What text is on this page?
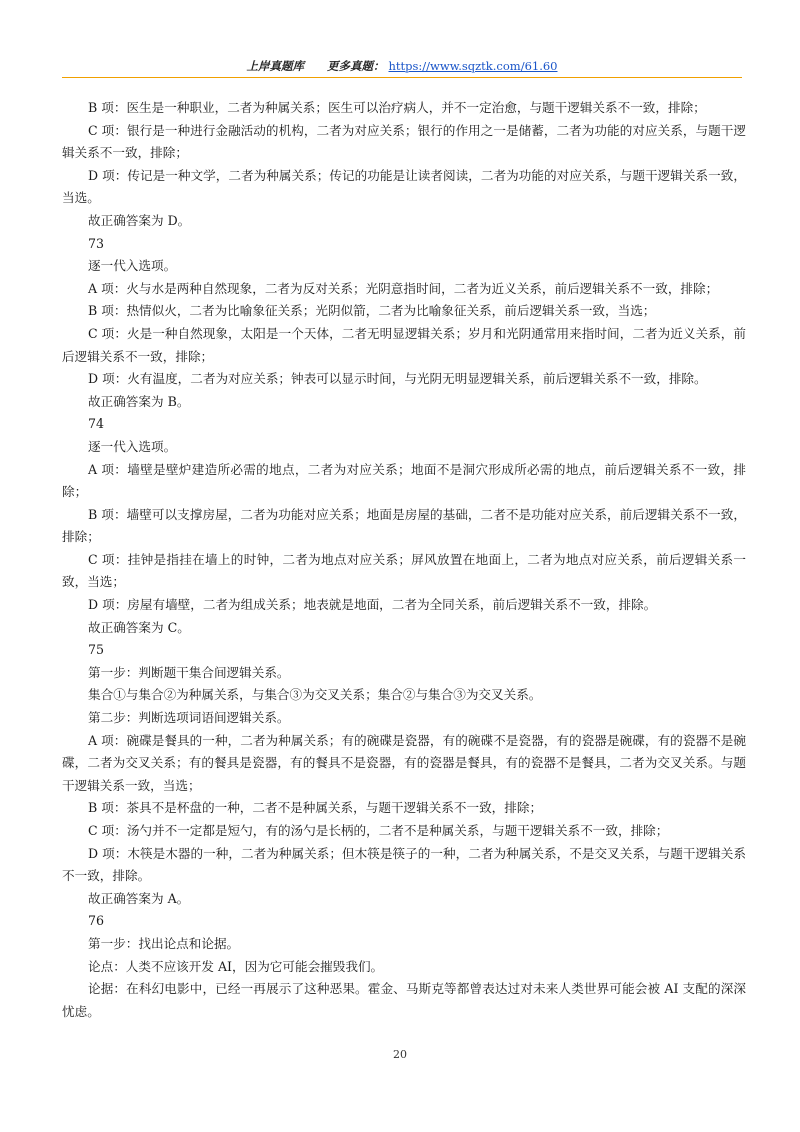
上岸真题库　　更多真题： https://www.sqztk.com/61.60

B 项：医生是一种职业，二者为种属关系；医生可以治疗病人，并不一定治愈，与题干逻辑关系不一致，排除；

C 项：银行是一种进行金融活动的机构，二者为对应关系；银行的作用之一是储蓄，二者为功能的对应关系，与题干逻辑关系不一致，排除；

D 项：传记是一种文学，二者为种属关系；传记的功能是让读者阅读，二者为功能的对应关系，与题干逻辑关系一致，当选。

故正确答案为 D。

73

逐一代入选项。

A 项：火与水是两种自然现象，二者为反对关系；光阴意指时间，二者为近义关系，前后逻辑关系不一致，排除；

B 项：热情似火，二者为比喻象征关系；光阴似箭，二者为比喻象征关系，前后逻辑关系一致，当选；

C 项：火是一种自然现象，太阳是一个天体，二者无明显逻辑关系；岁月和光阴通常用来指时间，二者为近义关系，前后逻辑关系不一致，排除；

D 项：火有温度，二者为对应关系；钟表可以显示时间，与光阴无明显逻辑关系，前后逻辑关系不一致，排除。

故正确答案为 B。

74

逐一代入选项。

A 项：墙壁是壁炉建造所必需的地点，二者为对应关系；地面不是洞穴形成所必需的地点，前后逻辑关系不一致，排除；

B 项：墙壁可以支撑房屋，二者为功能对应关系；地面是房屋的基础，二者不是功能对应关系，前后逻辑关系不一致，排除；

C 项：挂钟是指挂在墙上的时钟，二者为地点对应关系；屏风放置在地面上，二者为地点对应关系，前后逻辑关系一致，当选；

D 项：房屋有墙壁，二者为组成关系；地表就是地面，二者为全同关系，前后逻辑关系不一致，排除。

故正确答案为 C。

75

第一步：判断题干集合间逻辑关系。

集合①与集合②为种属关系，与集合③为交叉关系；集合②与集合③为交叉关系。

第二步：判断选项词语间逻辑关系。

A 项：碗碟是餐具的一种，二者为种属关系；有的碗碟是瓷器，有的碗碟不是瓷器，有的瓷器是碗碟，有的瓷器不是碗碟，二者为交叉关系；有的餐具是瓷器，有的餐具不是瓷器，有的瓷器是餐具，有的瓷器不是餐具，二者为交叉关系。与题干逻辑关系一致，当选；

B 项：茶具不是杯盘的一种，二者不是种属关系，与题干逻辑关系不一致，排除；

C 项：汤勺并不一定都是短勺，有的汤勺是长柄的，二者不是种属关系，与题干逻辑关系不一致，排除；

D 项：木筷是木器的一种，二者为种属关系；但木筷是筷子的一种，二者为种属关系，不是交叉关系，与题干逻辑关系不一致，排除。

故正确答案为 A。

76

第一步：找出论点和论据。

论点：人类不应该开发 AI，因为它可能会摧毁我们。

论据：在科幻电影中，已经一再展示了这种恶果。霍金、马斯克等都曾表达过对未来人类世界可能会被 AI 支配的深深忧虑。

20
